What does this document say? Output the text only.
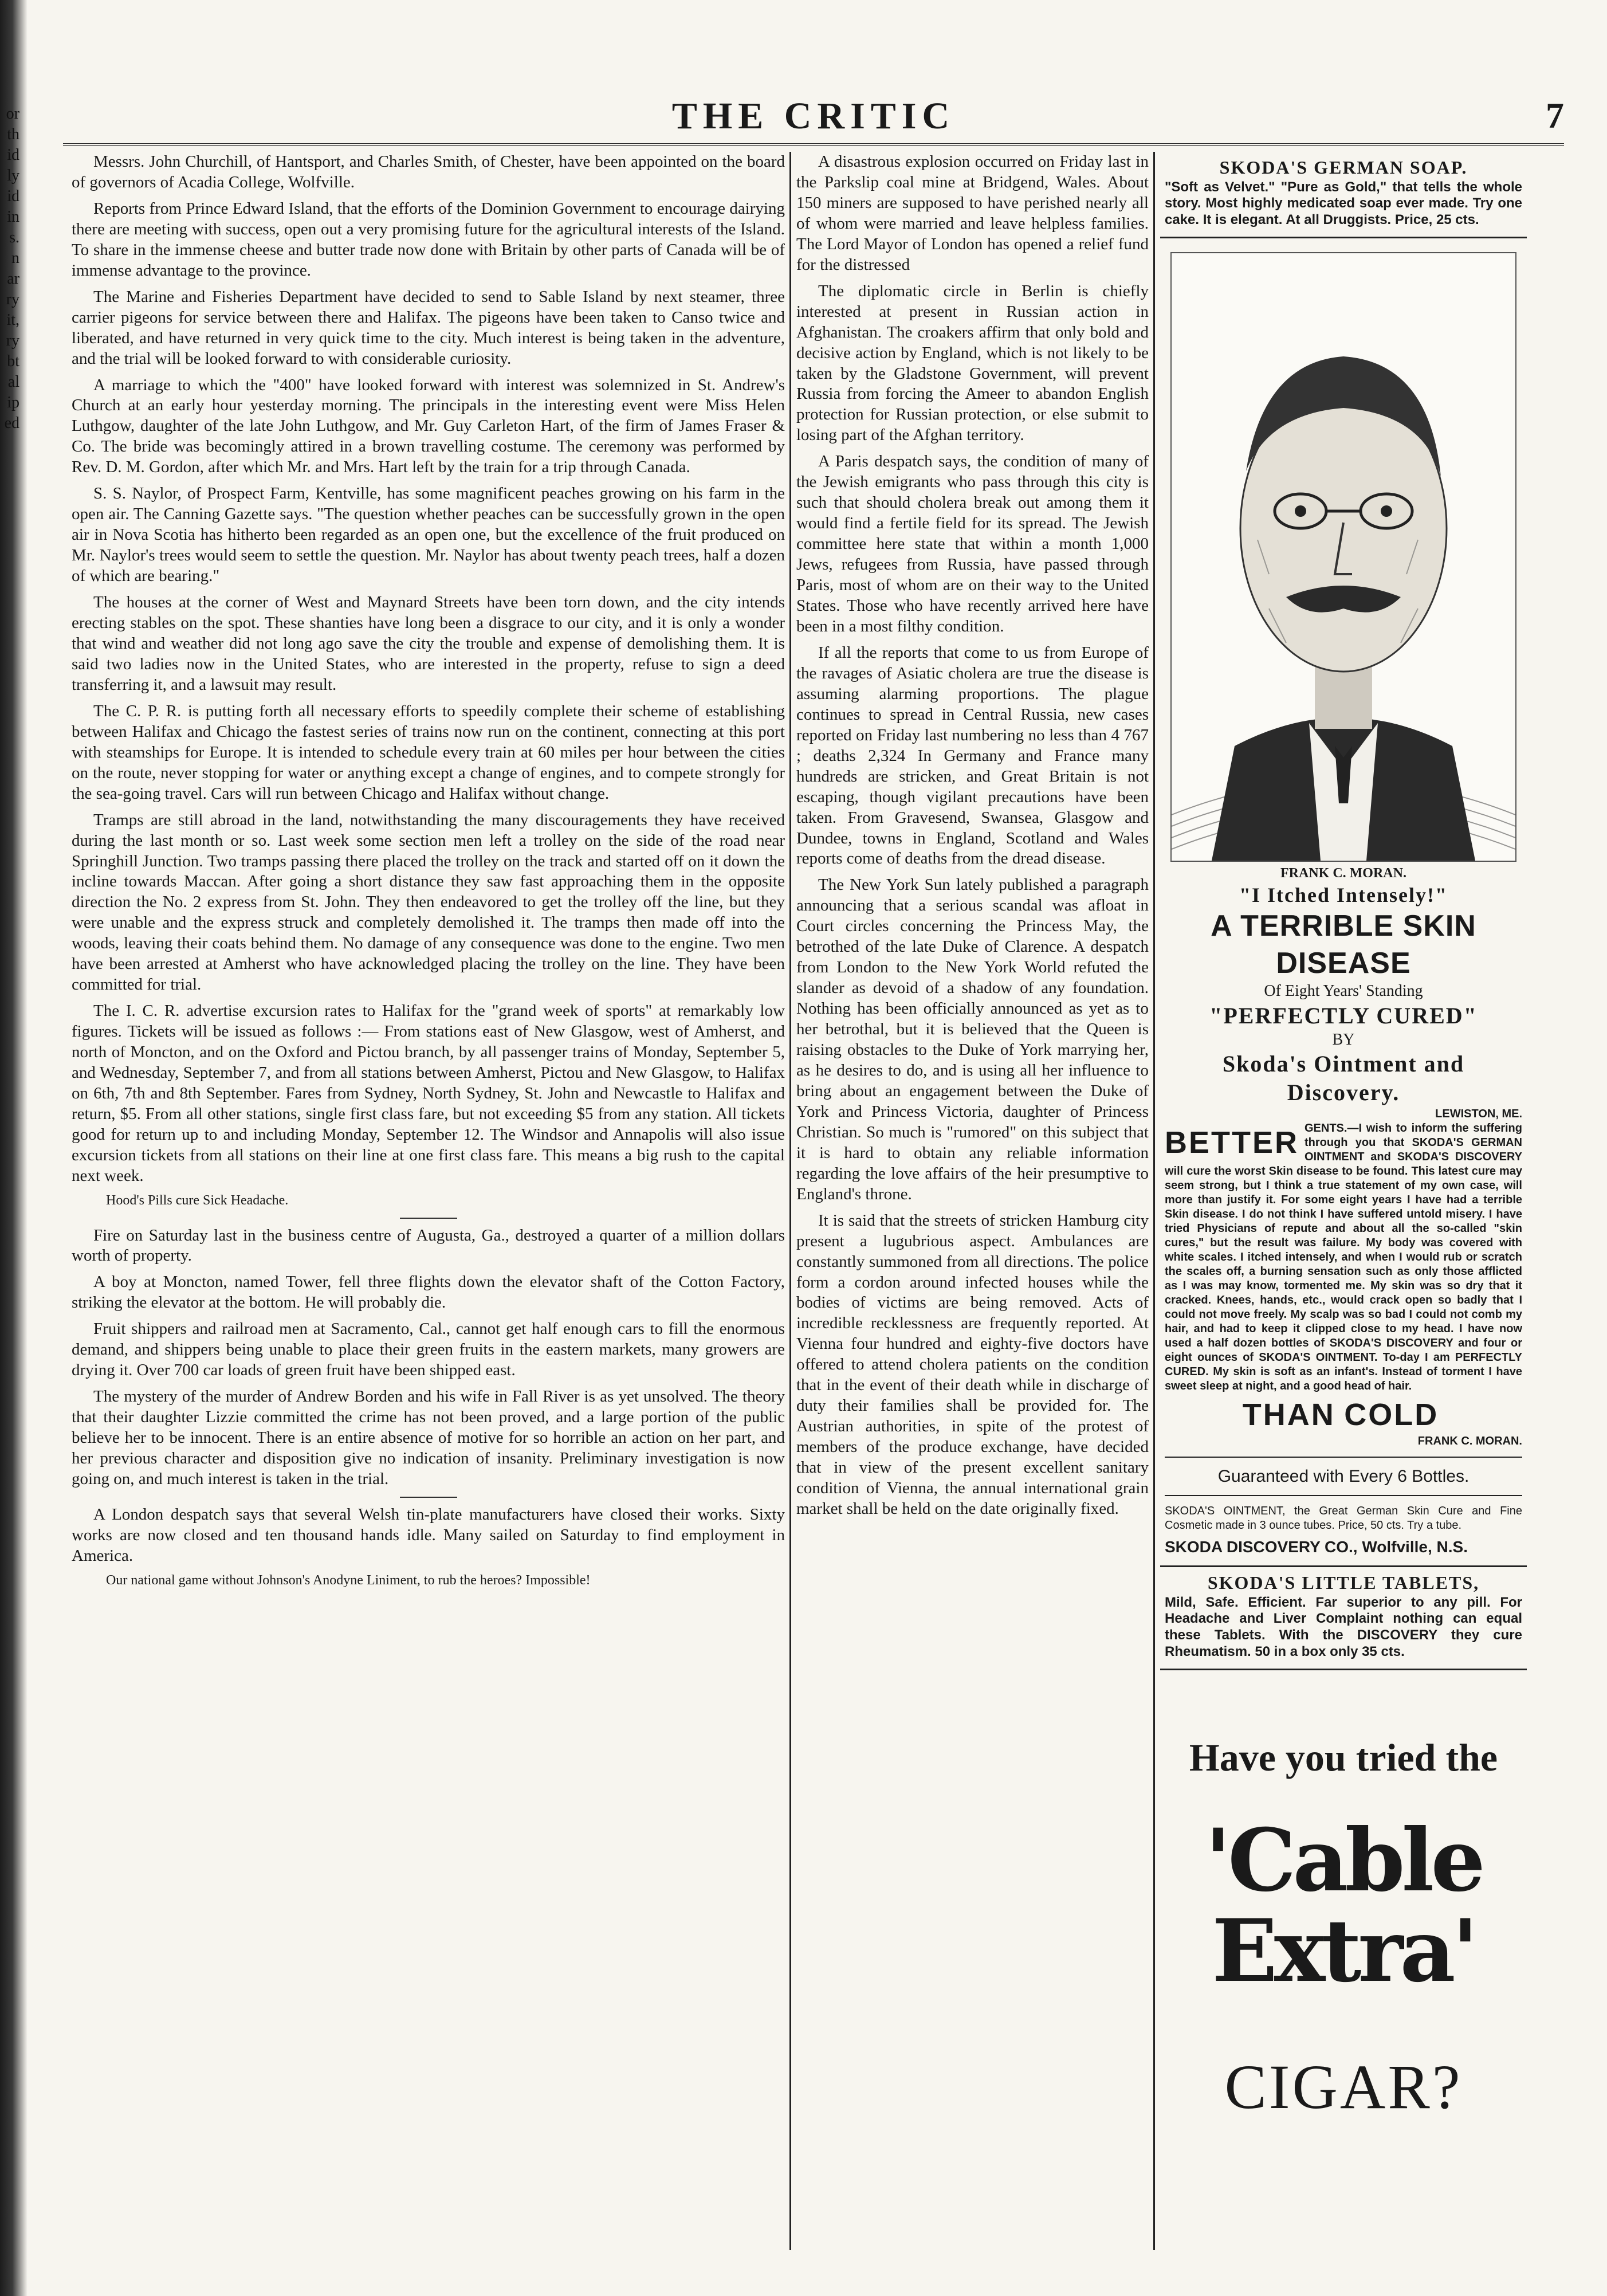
or
th
id
ly
id
in
s.
n
ar
ry
it,
ry
bt
al
ip
ed
THE CRITIC	7

Messrs. John Churchill, of Hantsport, and Charles Smith, of Chester, have been appointed on the board of governors of Acadia College, Wolfville.

Reports from Prince Edward Island, that the efforts of the Dominion Government to encourage dairying there are meeting with success, open out a very promising future for the agricultural interests of the Island. To share in the immense cheese and butter trade now done with Britain by other parts of Canada will be of immense advantage to the province.

The Marine and Fisheries Department have decided to send to Sable Island by next steamer, three carrier pigeons for service between there and Halifax. The pigeons have been taken to Canso twice and liberated, and have returned in very quick time to the city. Much interest is being taken in the adventure, and the trial will be looked forward to with considerable curiosity.

A marriage to which the "400" have looked forward with interest was solemnized in St. Andrew's Church at an early hour yesterday morning. The principals in the interesting event were Miss Helen Luthgow, daughter of the late John Luthgow, and Mr. Guy Carleton Hart, of the firm of James Fraser & Co. The bride was becomingly attired in a brown travelling costume. The ceremony was performed by Rev. D. M. Gordon, after which Mr. and Mrs. Hart left by the train for a trip through Canada.

S. S. Naylor, of Prospect Farm, Kentville, has some magnificent peaches growing on his farm in the open air. The Canning Gazette says. "The question whether peaches can be successfully grown in the open air in Nova Scotia has hitherto been regarded as an open one, but the excellence of the fruit produced on Mr. Naylor's trees would seem to settle the question. Mr. Naylor has about twenty peach trees, half a dozen of which are bearing."

The houses at the corner of West and Maynard Streets have been torn down, and the city intends erecting stables on the spot. These shanties have long been a disgrace to our city, and it is only a wonder that wind and weather did not long ago save the city the trouble and expense of demolishing them. It is said two ladies now in the United States, who are interested in the property, refuse to sign a deed transferring it, and a lawsuit may result.

The C. P. R. is putting forth all necessary efforts to speedily complete their scheme of establishing between Halifax and Chicago the fastest series of trains now run on the continent, connecting at this port with steamships for Europe. It is intended to schedule every train at 60 miles per hour between the cities on the route, never stopping for water or anything except a change of engines, and to compete strongly for the sea-going travel. Cars will run between Chicago and Halifax without change.

Tramps are still abroad in the land, notwithstanding the many discouragements they have received during the last month or so. Last week some section men left a trolley on the side of the road near Springhill Junction. Two tramps passing there placed the trolley on the track and started off on it down the incline towards Maccan. After going a short distance they saw fast approaching them in the opposite direction the No. 2 express from St. John. They then endeavored to get the trolley off the line, but they were unable and the express struck and completely demolished it. The tramps then made off into the woods, leaving their coats behind them. No damage of any consequence was done to the engine. Two men have been arrested at Amherst who have acknowledged placing the trolley on the line. They have been committed for trial.

The I. C. R. advertise excursion rates to Halifax for the "grand week of sports" at remarkably low figures. Tickets will be issued as follows :— From stations east of New Glasgow, west of Amherst, and north of Moncton, and on the Oxford and Pictou branch, by all passenger trains of Monday, September 5, and Wednesday, September 7, and from all stations between Amherst, Pictou and New Glasgow, to Halifax on 6th, 7th and 8th September. Fares from Sydney, North Sydney, St. John and Newcastle to Halifax and return, $5. From all other stations, single first class fare, but not exceeding $5 from any station. All tickets good for return up to and including Monday, September 12. The Windsor and Annapolis will also issue excursion tickets from all stations on their line at one first class fare. This means a big rush to the capital next week.

Hood's Pills cure Sick Headache.

Fire on Saturday last in the business centre of Augusta, Ga., destroyed a quarter of a million dollars worth of property.

A boy at Moncton, named Tower, fell three flights down the elevator shaft of the Cotton Factory, striking the elevator at the bottom. He will probably die.

Fruit shippers and railroad men at Sacramento, Cal., cannot get half enough cars to fill the enormous demand, and shippers being unable to place their green fruits in the eastern markets, many growers are drying it. Over 700 car loads of green fruit have been shipped east.

The mystery of the murder of Andrew Borden and his wife in Fall River is as yet unsolved. The theory that their daughter Lizzie committed the crime has not been proved, and a large portion of the public believe her to be innocent. There is an entire absence of motive for so horrible an action on her part, and her previous character and disposition give no indication of insanity. Preliminary investigation is now going on, and much interest is taken in the trial.

A London despatch says that several Welsh tin-plate manufacturers have closed their works. Sixty works are now closed and ten thousand hands idle. Many sailed on Saturday to find employment in America.

Our national game without Johnson's Anodyne Liniment, to rub the heroes? Impossible!

A disastrous explosion occurred on Friday last in the Parkslip coal mine at Bridgend, Wales. About 150 miners are supposed to have perished nearly all of whom were married and leave helpless families. The Lord Mayor of London has opened a relief fund for the distressed

The diplomatic circle in Berlin is chiefly interested at present in Russian action in Afghanistan. The croakers affirm that only bold and decisive action by England, which is not likely to be taken by the Gladstone Government, will prevent Russia from forcing the Ameer to abandon English protection for Russian protection, or else submit to losing part of the Afghan territory.

A Paris despatch says, the condition of many of the Jewish emigrants who pass through this city is such that should cholera break out among them it would find a fertile field for its spread. The Jewish committee here state that within a month 1,000 Jews, refugees from Russia, have passed through Paris, most of whom are on their way to the United States. Those who have recently arrived here have been in a most filthy condition.

If all the reports that come to us from Europe of the ravages of Asiatic cholera are true the disease is assuming alarming proportions. The plague continues to spread in Central Russia, new cases reported on Friday last numbering no less than 4 767 ; deaths 2,324 In Germany and France many hundreds are stricken, and Great Britain is not escaping, though vigilant precautions have been taken. From Gravesend, Swansea, Glasgow and Dundee, towns in England, Scotland and Wales reports come of deaths from the dread disease.

The New York Sun lately published a paragraph announcing that a serious scandal was afloat in Court circles concerning the Princess May, the betrothed of the late Duke of Clarence. A despatch from London to the New York World refuted the slander as devoid of a shadow of any foundation. Nothing has been officially announced as yet as to her betrothal, but it is believed that the Queen is raising obstacles to the Duke of York marrying her, as he desires to do, and is using all her influence to bring about an engagement between the Duke of York and Princess Victoria, daughter of Princess Christian. So much is "rumored" on this subject that it is hard to obtain any reliable information regarding the love affairs of the heir presumptive to England's throne.

It is said that the streets of stricken Hamburg city present a lugubrious aspect. Ambulances are constantly summoned from all directions. The police form a cordon around infected houses while the bodies of victims are being removed. Acts of incredible recklessness are frequently reported. At Vienna four hundred and eighty-five doctors have offered to attend cholera patients on the condition that in the event of their death while in discharge of duty their families shall be provided for. The Austrian authorities, in spite of the protest of members of the produce exchange, have decided that in view of the present excellent sanitary condition of Vienna, the annual international grain market shall be held on the date originally fixed.

SKODA'S GERMAN SOAP.
"Soft as Velvet." "Pure as Gold," that tells the whole story. Most highly medicated soap ever made. Try one cake. It is elegant. At all Druggists. Price, 25 cts.
FRANK C. MORAN.
"I Itched Intensely!"
A TERRIBLE SKIN DISEASE
Of Eight Years' Standing
"PERFECTLY CURED"
BY
Skoda's Ointment and Discovery.
LEWISTON, ME.
BETTER GENTS.—I wish to inform the suffering through you that SKODA'S GERMAN OINTMENT and SKODA'S DISCOVERY will cure the worst Skin disease to be found. This latest cure may seem strong, but I think a true statement of my own case, will more than justify it. For some eight years I have had a terrible Skin disease. I do not think I have suffered untold misery. I have tried Physicians of repute and about all the so-called "skin cures," but the result was failure. My body was covered with white scales. I itched intensely, and when I would rub or scratch the scales off, a burning sensation such as only those afflicted as I was may know, tormented me. My skin was so dry that it cracked. Knees, hands, etc., would crack open so badly that I could not move freely. My scalp was so bad I could not comb my hair, and had to keep it clipped close to my head. I have now used a half dozen bottles of SKODA'S DISCOVERY and four or eight ounces of SKODA'S OINTMENT. To-day I am PERFECTLY CURED. My skin is soft as an infant's. Instead of torment I have sweet sleep at night, and a good head of hair.
THAN COLD
FRANK C. MORAN.
Guaranteed with Every 6 Bottles.
SKODA'S OINTMENT, the Great German Skin Cure and Fine Cosmetic made in 3 ounce tubes. Price, 50 cts. Try a tube.
SKODA DISCOVERY CO., Wolfville, N.S.
SKODA'S LITTLE TABLETS,
Mild, Safe. Efficient. Far superior to any pill. For Headache and Liver Complaint nothing can equal these Tablets. With the DISCOVERY they cure Rheumatism. 50 in a box only 35 cts.
Have you tried the
'Cable Extra'
CIGAR?
